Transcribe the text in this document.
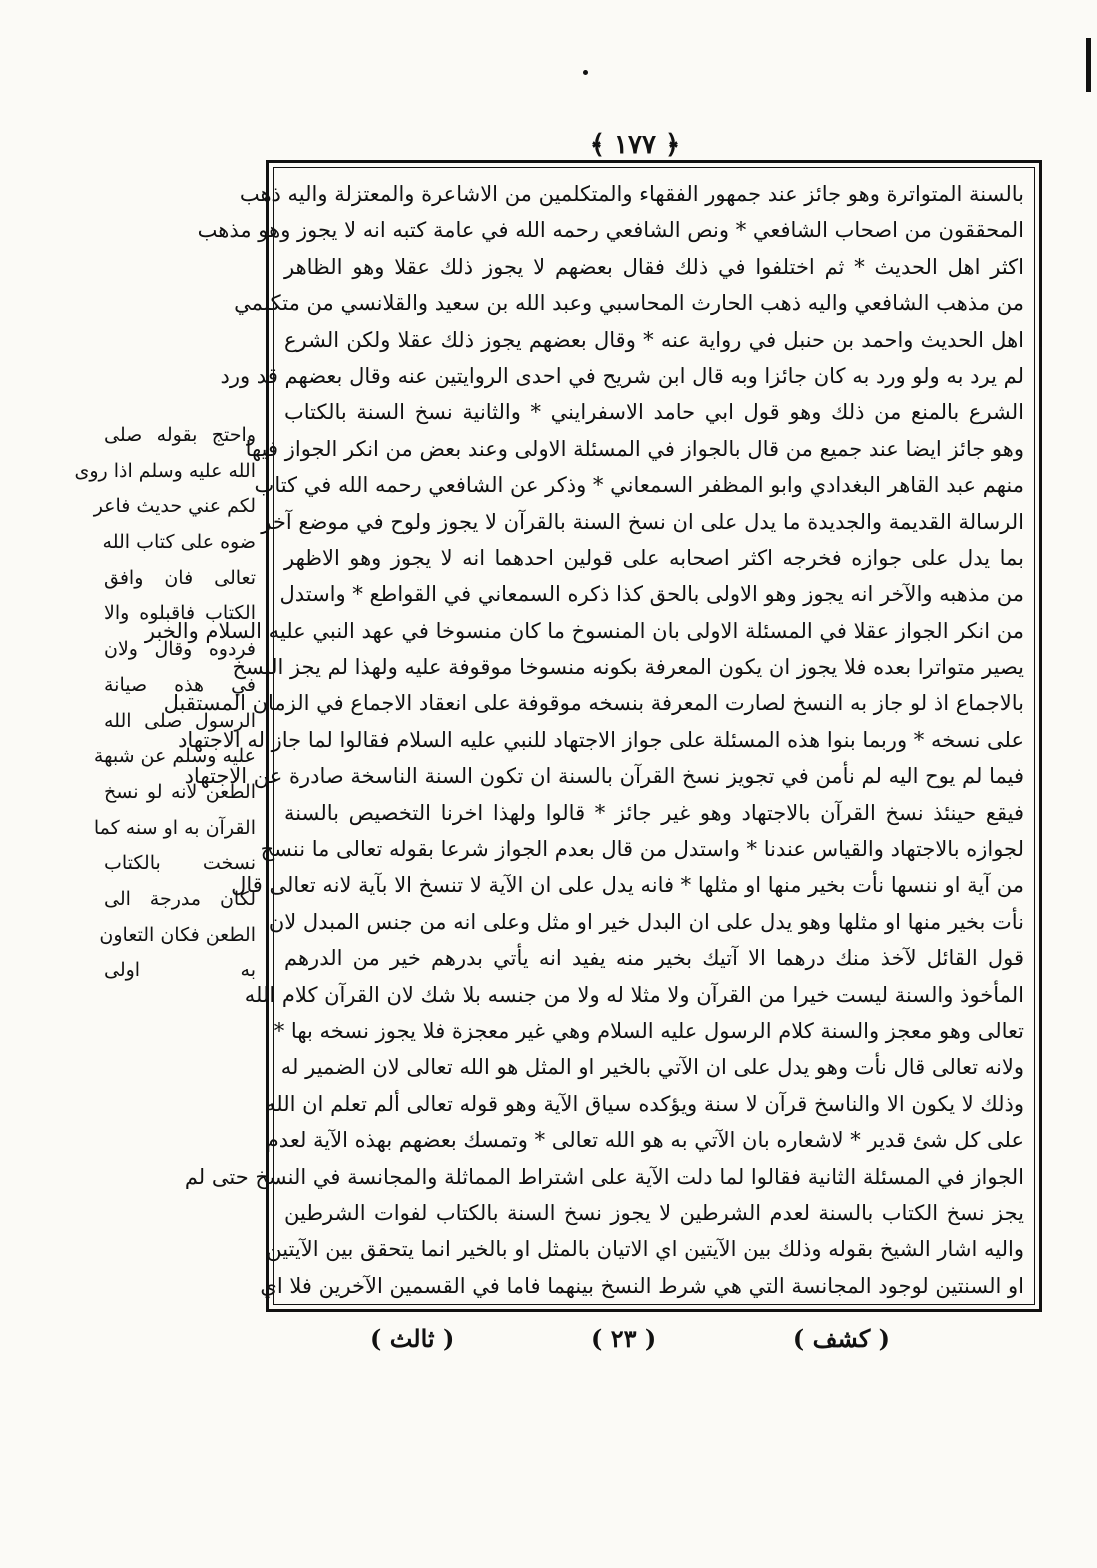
﴿ ١٧٧ ﴾
واحتج بقوله صلى
الله عليه وسلم اذا روى
لكم عني حديث فاعر
ضوه على كتاب الله
تعالى فان وافق
الكتاب فاقبلوه والا
فردوه وقال ولان
في هذه صيانة
الرسول صلى الله
عليه وسلم عن شبهة
الطعن لانه لو نسخ
القرآن به او سنه كما
نسخت بالكتاب
لكان مدرجة الى
الطعن فكان التعاون
به اولى
بالسنة المتواترة وهو جائز عند جمهور الفقهاء والمتكلمين من الاشاعرة والمعتزلة واليه ذهب
المحققون من اصحاب الشافعي * ونص الشافعي رحمه الله في عامة كتبه انه لا يجوز وهو مذهب
اكثر اهل الحديث * ثم اختلفوا في ذلك فقال بعضهم لا يجوز ذلك عقلا وهو الظاهر
من مذهب الشافعي واليه ذهب الحارث المحاسبي وعبد الله بن سعيد والقلانسي من متكلمي
اهل الحديث واحمد بن حنبل في رواية عنه * وقال بعضهم يجوز ذلك عقلا ولكن الشرع
لم يرد به ولو ورد به كان جائزا وبه قال ابن شريح في احدى الروايتين عنه وقال بعضهم قد ورد
الشرع بالمنع من ذلك وهو قول ابي حامد الاسفرايني * والثانية نسخ السنة بالكتاب
وهو جائز ايضا عند جميع من قال بالجواز في المسئلة الاولى وعند بعض من انكر الجواز فيها
منهم عبد القاهر البغدادي وابو المظفر السمعاني * وذكر عن الشافعي رحمه الله في كتاب
الرسالة القديمة والجديدة ما يدل على ان نسخ السنة بالقرآن لا يجوز ولوح في موضع آخر
بما يدل على جوازه فخرجه اكثر اصحابه على قولين احدهما انه لا يجوز وهو الاظهر
من مذهبه والآخر انه يجوز وهو الاولى بالحق كذا ذكره السمعاني في القواطع * واستدل
من انكر الجواز عقلا في المسئلة الاولى بان المنسوخ ما كان منسوخا في عهد النبي عليه السلام والخبر
يصير متواترا بعده فلا يجوز ان يكون المعرفة بكونه منسوخا موقوفة عليه ولهذا لم يجز النسخ
بالاجماع اذ لو جاز به النسخ لصارت المعرفة بنسخه موقوفة على انعقاد الاجماع في الزمان المستقبل
على نسخه * وربما بنوا هذه المسئلة على جواز الاجتهاد للنبي عليه السلام فقالوا لما جاز له الاجتهاد
فيما لم يوح اليه لم نأمن في تجويز نسخ القرآن بالسنة ان تكون السنة الناسخة صادرة عن الاجتهاد
فيقع حينئذ نسخ القرآن بالاجتهاد وهو غير جائز * قالوا ولهذا اخرنا التخصيص بالسنة
لجوازه بالاجتهاد والقياس عندنا * واستدل من قال بعدم الجواز شرعا بقوله تعالى ما ننسخ
من آية او ننسها نأت بخير منها او مثلها * فانه يدل على ان الآية لا تنسخ الا بآية لانه تعالى قال
نأت بخير منها او مثلها وهو يدل على ان البدل خير او مثل وعلى انه من جنس المبدل لان
قول القائل لآخذ منك درهما الا آتيك بخير منه يفيد انه يأتي بدرهم خير من الدرهم
المأخوذ والسنة ليست خيرا من القرآن ولا مثلا له ولا من جنسه بلا شك لان القرآن كلام الله
تعالى وهو معجز والسنة كلام الرسول عليه السلام وهي غير معجزة فلا يجوز نسخه بها *
ولانه تعالى قال نأت وهو يدل على ان الآتي بالخير او المثل هو الله تعالى لان الضمير له
وذلك لا يكون الا والناسخ قرآن لا سنة ويؤكده سياق الآية وهو قوله تعالى ألم تعلم ان الله
على كل شئ قدير * لاشعاره بان الآتي به هو الله تعالى * وتمسك بعضهم بهذه الآية لعدم
الجواز في المسئلة الثانية فقالوا لما دلت الآية على اشتراط المماثلة والمجانسة في النسخ حتى لم
يجز نسخ الكتاب بالسنة لعدم الشرطين لا يجوز نسخ السنة بالكتاب لفوات الشرطين
واليه اشار الشيخ بقوله وذلك بين الآيتين اي الاتيان بالمثل او بالخير انما يتحقق بين الآيتين
او السنتين لوجود المجانسة التي هي شرط النسخ بينهما فاما في القسمين الآخرين فلا اي
( كشف )
( ٢٣ )
( ثالث )
